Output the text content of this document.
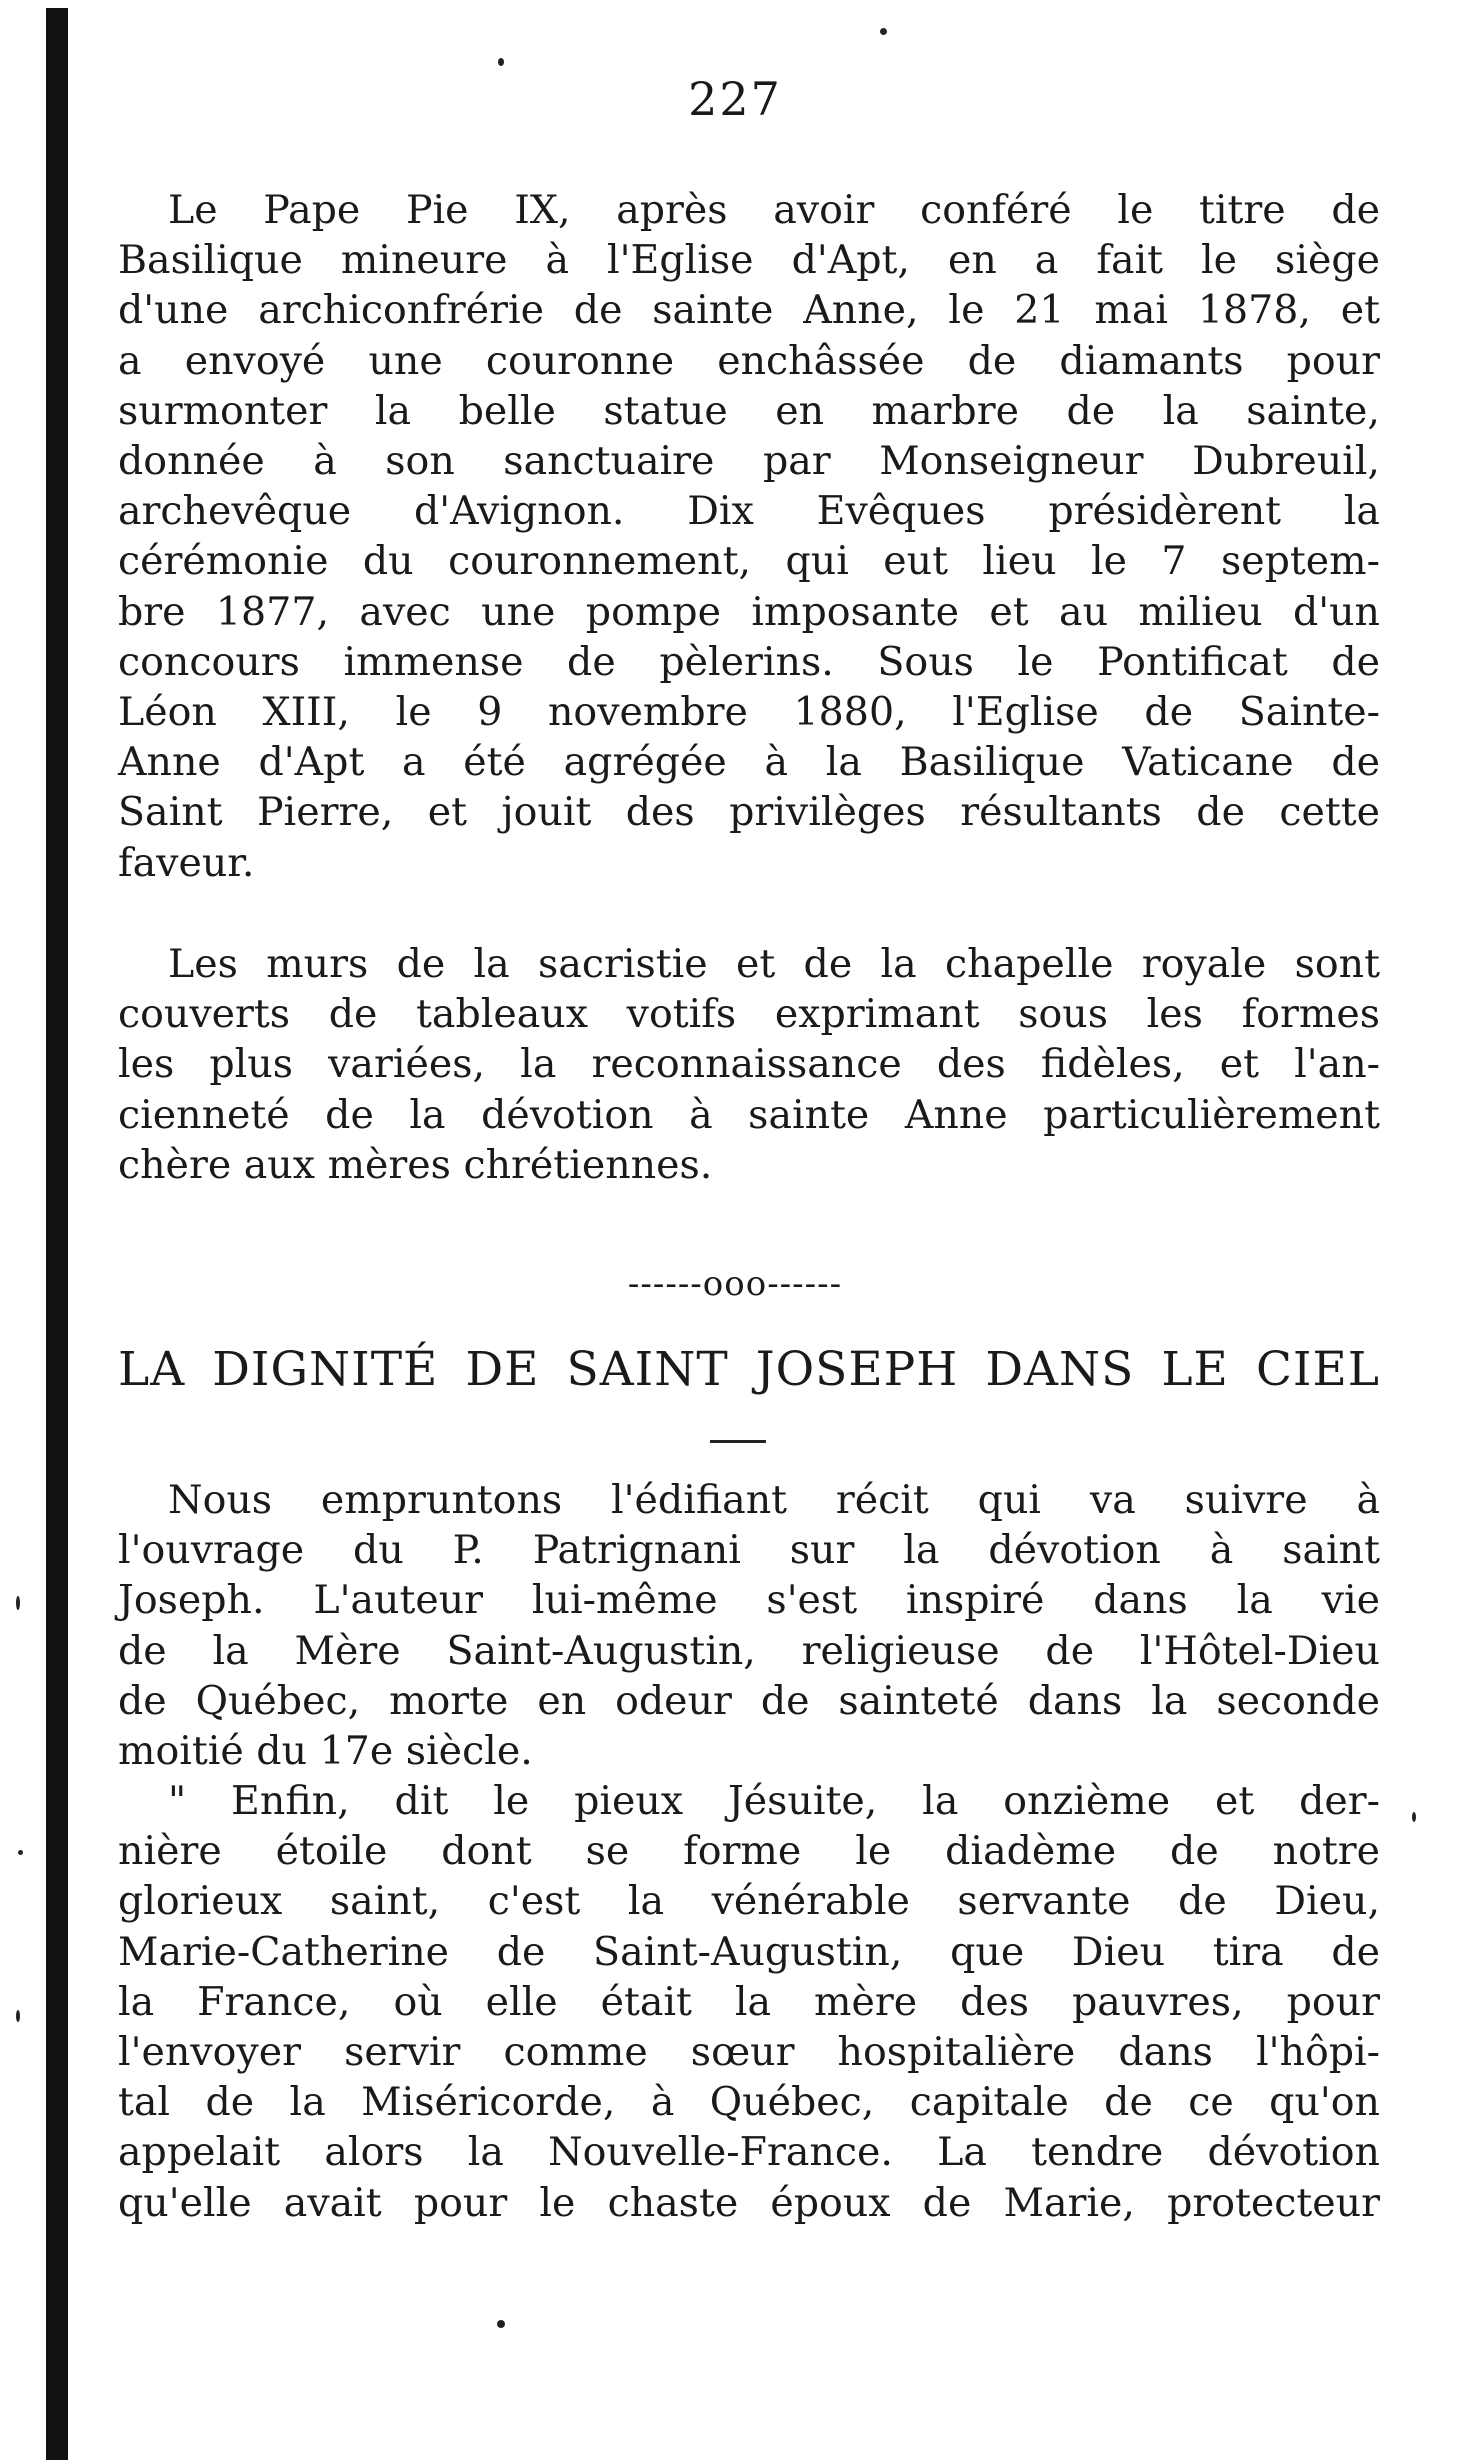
227
Le Pape Pie IX, après avoir conféré le titre de
Basilique mineure à l'Eglise d'Apt, en a fait le siège
d'une archiconfrérie de sainte Anne, le 21 mai 1878, et
a envoyé une couronne enchâssée de diamants pour
surmonter la belle statue en marbre de la sainte,
donnée à son sanctuaire par Monseigneur Dubreuil,
archevêque d'Avignon. Dix Evêques présidèrent la
cérémonie du couronnement, qui eut lieu le 7 septem-
bre 1877, avec une pompe imposante et au milieu d'un
concours immense de pèlerins. Sous le Pontificat de
Léon XIII, le 9 novembre 1880, l'Eglise de Sainte-
Anne d'Apt a été agrégée à la Basilique Vaticane de
Saint Pierre, et jouit des privilèges résultants de cette
faveur.
Les murs de la sacristie et de la chapelle royale sont
couverts de tableaux votifs exprimant sous les formes
les plus variées, la reconnaissance des fidèles, et l'an-
cienneté de la dévotion à sainte Anne particulièrement
chère aux mères chrétiennes.
------ooo------
LA DIGNITÉ DE SAINT JOSEPH DANS LE CIEL
Nous empruntons l'édifiant récit qui va suivre à
l'ouvrage du P. Patrignani sur la dévotion à saint
Joseph. L'auteur lui-même s'est inspiré dans la vie
de la Mère Saint-Augustin, religieuse de l'Hôtel-Dieu
de Québec, morte en odeur de sainteté dans la seconde
moitié du 17e siècle.
" Enfin, dit le pieux Jésuite, la onzième et der-
nière étoile dont se forme le diadème de notre
glorieux saint, c'est la vénérable servante de Dieu,
Marie-Catherine de Saint-Augustin, que Dieu tira de
la France, où elle était la mère des pauvres, pour
l'envoyer servir comme sœur hospitalière dans l'hôpi-
tal de la Miséricorde, à Québec, capitale de ce qu'on
appelait alors la Nouvelle-France. La tendre dévotion
qu'elle avait pour le chaste époux de Marie, protecteur
